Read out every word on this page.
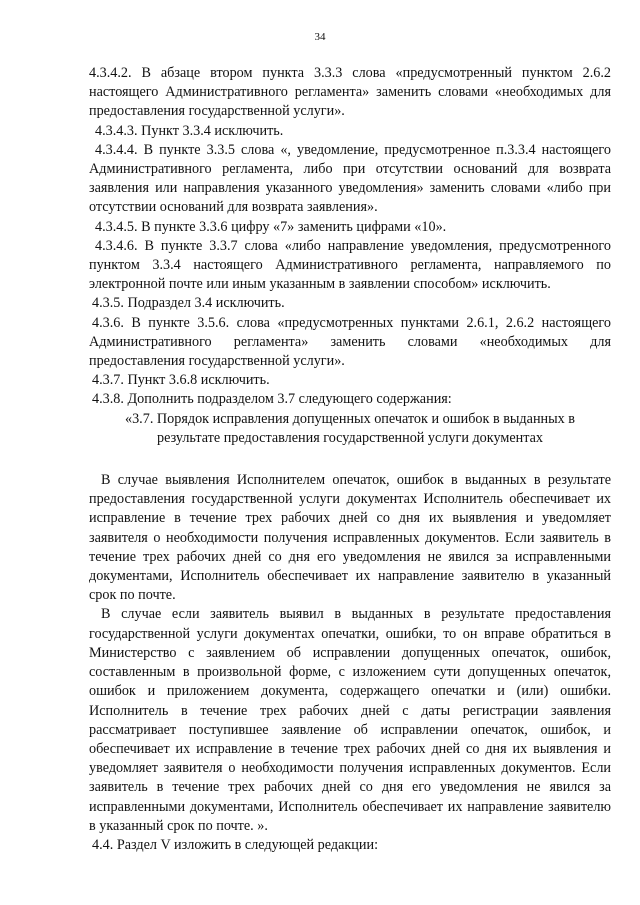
34

4.3.4.2. В абзаце втором пункта 3.3.3 слова «предусмотренный пунктом 2.6.2 настоящего Административного регламента» заменить словами «необходимых для предоставления государственной услуги».

4.3.4.3. Пункт 3.3.4 исключить.

4.3.4.4. В пункте 3.3.5 слова «, уведомление, предусмотренное п.3.3.4 настоящего Административного регламента, либо при отсутствии оснований для возврата заявления или направления указанного уведомления» заменить словами «либо при отсутствии оснований для возврата заявления».

4.3.4.5. В пункте 3.3.6 цифру «7» заменить цифрами «10».

4.3.4.6. В пункте 3.3.7 слова «либо направление уведомления, предусмотренного пунктом 3.3.4 настоящего Административного регламента, направляемого по электронной почте или иным указанным в заявлении способом» исключить.

4.3.5. Подраздел 3.4 исключить.

4.3.6. В пункте 3.5.6. слова «предусмотренных пунктами 2.6.1, 2.6.2 настоящего Административного регламента» заменить словами «необходимых для предоставления государственной услуги».

4.3.7. Пункт 3.6.8 исключить.

4.3.8. Дополнить подразделом 3.7 следующего содержания:

«3.7. Порядок исправления допущенных опечаток и ошибок в выданных в

результате предоставления государственной услуги документах

В случае выявления Исполнителем опечаток, ошибок в выданных в результате предоставления государственной услуги документах Исполнитель обеспечивает их исправление в течение трех рабочих дней со дня их выявления и уведомляет заявителя о необходимости получения исправленных документов. Если заявитель в течение трех рабочих дней со дня его уведомления не явился за исправленными документами, Исполнитель обеспечивает их направление заявителю в указанный срок по почте.

В случае если заявитель выявил в выданных в результате предоставления государственной услуги документах опечатки, ошибки, то он вправе обратиться в Министерство с заявлением об исправлении допущенных опечаток, ошибок, составленным в произвольной форме, с изложением сути допущенных опечаток, ошибок и приложением документа, содержащего опечатки и (или) ошибки. Исполнитель в течение трех рабочих дней с даты регистрации заявления рассматривает поступившее заявление об исправлении опечаток, ошибок, и обеспечивает их исправление в течение трех рабочих дней со дня их выявления и уведомляет заявителя о необходимости получения исправленных документов. Если заявитель в течение трех рабочих дней со дня его уведомления не явился за исправленными документами, Исполнитель обеспечивает их направление заявителю в указанный срок по почте. ».

4.4. Раздел V изложить в следующей редакции:
